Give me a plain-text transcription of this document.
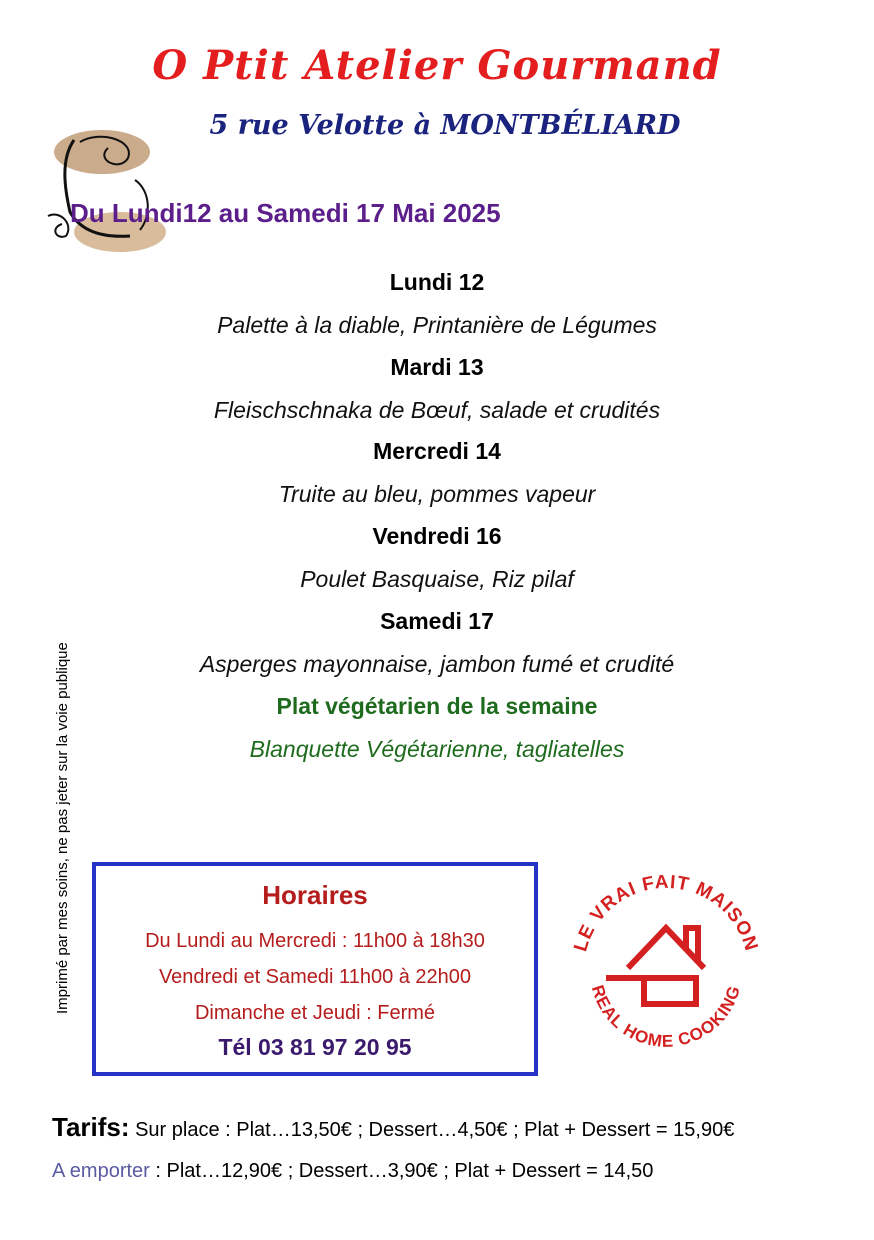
O Ptit Atelier Gourmand
5 rue Velotte à MONTBÉLIARD
Du Lundi12 au Samedi 17 Mai 2025
Lundi 12
Palette à la diable, Printanière de Légumes
Mardi 13
Fleischschnaka de Bœuf, salade et crudités
Mercredi 14
Truite au bleu, pommes vapeur
Vendredi 16
Poulet Basquaise, Riz pilaf
Samedi 17
Asperges mayonnaise, jambon fumé et crudité
Plat végétarien de la semaine
Blanquette Végétarienne, tagliatelles
Imprimé par mes soins, ne pas jeter sur la voie publique	Horaires
Du Lundi au Mercredi : 11h00 à 18h30
Vendredi et Samedi 11h00 à 22h00
Dimanche et Jeudi : Fermé
Tél 03 81 97 20 95
LE VRAI FAIT MAISON
REAL HOME COOKING
Tarifs: Sur place : Plat…13,50€ ; Dessert…4,50€ ; Plat + Dessert = 15,90€
A emporter : Plat…12,90€ ; Dessert…3,90€ ; Plat + Dessert = 14,50
